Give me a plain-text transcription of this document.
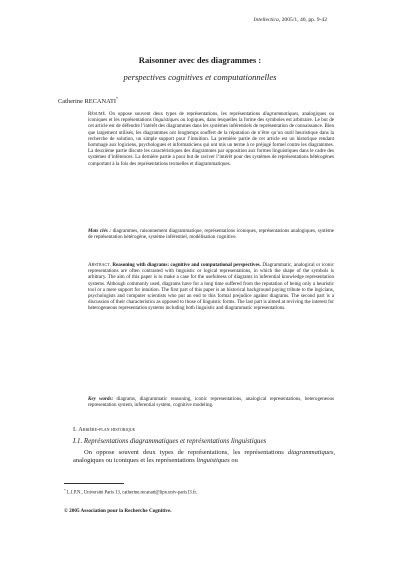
Intellectica, 2005/1, 40, pp. 9-42
Raisonner avec des diagrammes :
perspectives cognitives et computationnelles
Catherine RECANATI*
Résumé. On oppose souvent deux types de représentations, les représentations diagrammatiques, analogiques ou iconiques et les représentations linguistiques ou logiques, dans lesquelles la forme des symboles est arbitraire. Le but de cet article est de défendre l’intérêt des diagrammes dans les systèmes inférentiels de représentation de connaissance. Bien que largement utilisés, les diagrammes ont longtemps souffert de la réputation de n’être qu’un outil heuristique dans la recherche de solution, un simple support pour l’intuition. La première partie de cet article est un historique rendant hommage aux logiciens, psychologues et informaticiens qui ont mis un terme à ce préjugé formel contre les diagrammes. La deuxième partie discute les caractéristiques des diagrammes par opposition aux formes linguistiques dans le cadre des systèmes d’inférences. La dernière partie a pour but de raviver l’intérêt pour des systèmes de représentations hétérogènes comportant à la fois des représentations textuelles et diagrammatiques.
Mots clés : diagrammes, raisonnement diagrammatique, représentations iconiques, représentations analogiques, système de représentation hétérogène, système inférentiel, modélisation cognitive.
Abstract. Reasoning with diagrams: cognitive and computational perspectives. Diagrammatic, analogical or iconic representations are often contrasted with linguistic or logical representations, in which the shape of the symbols is arbitrary. The aim of this paper is to make a case for the usefulness of diagrams in inferential knowledge representation systems. Although commonly used, diagrams have for a long time suffered from the reputation of being only a heuristic tool or a mere support for intuition. The first part of this paper is an historical background paying tribute to the logicians, psychologists and computer scientists who put an end to this formal prejudice against diagrams. The second part is a discussion of their characteristics as opposed to those of linguistic forms. The last part is aimed at reviving the interest for heterogeneous representation systems including both linguistic and diagrammatic representations.
Key words: diagrams, diagrammatic reasoning, iconic representations, analogical representations, heterogeneous representation system, inferential system, cognitive modeling.
I. Arrière-plan historique
I.1. Représentations diagrammatiques et représentations linguistiques
On oppose souvent deux types de représentations, les représentations diagrammatiques, analogiques ou iconiques et les représentations linguistiques ou
* L.I.P.N., Université Paris 13, catherine.recanati@lipn.univ-paris13.fr.
© 2005 Association pour la Recherche Cognitive.
